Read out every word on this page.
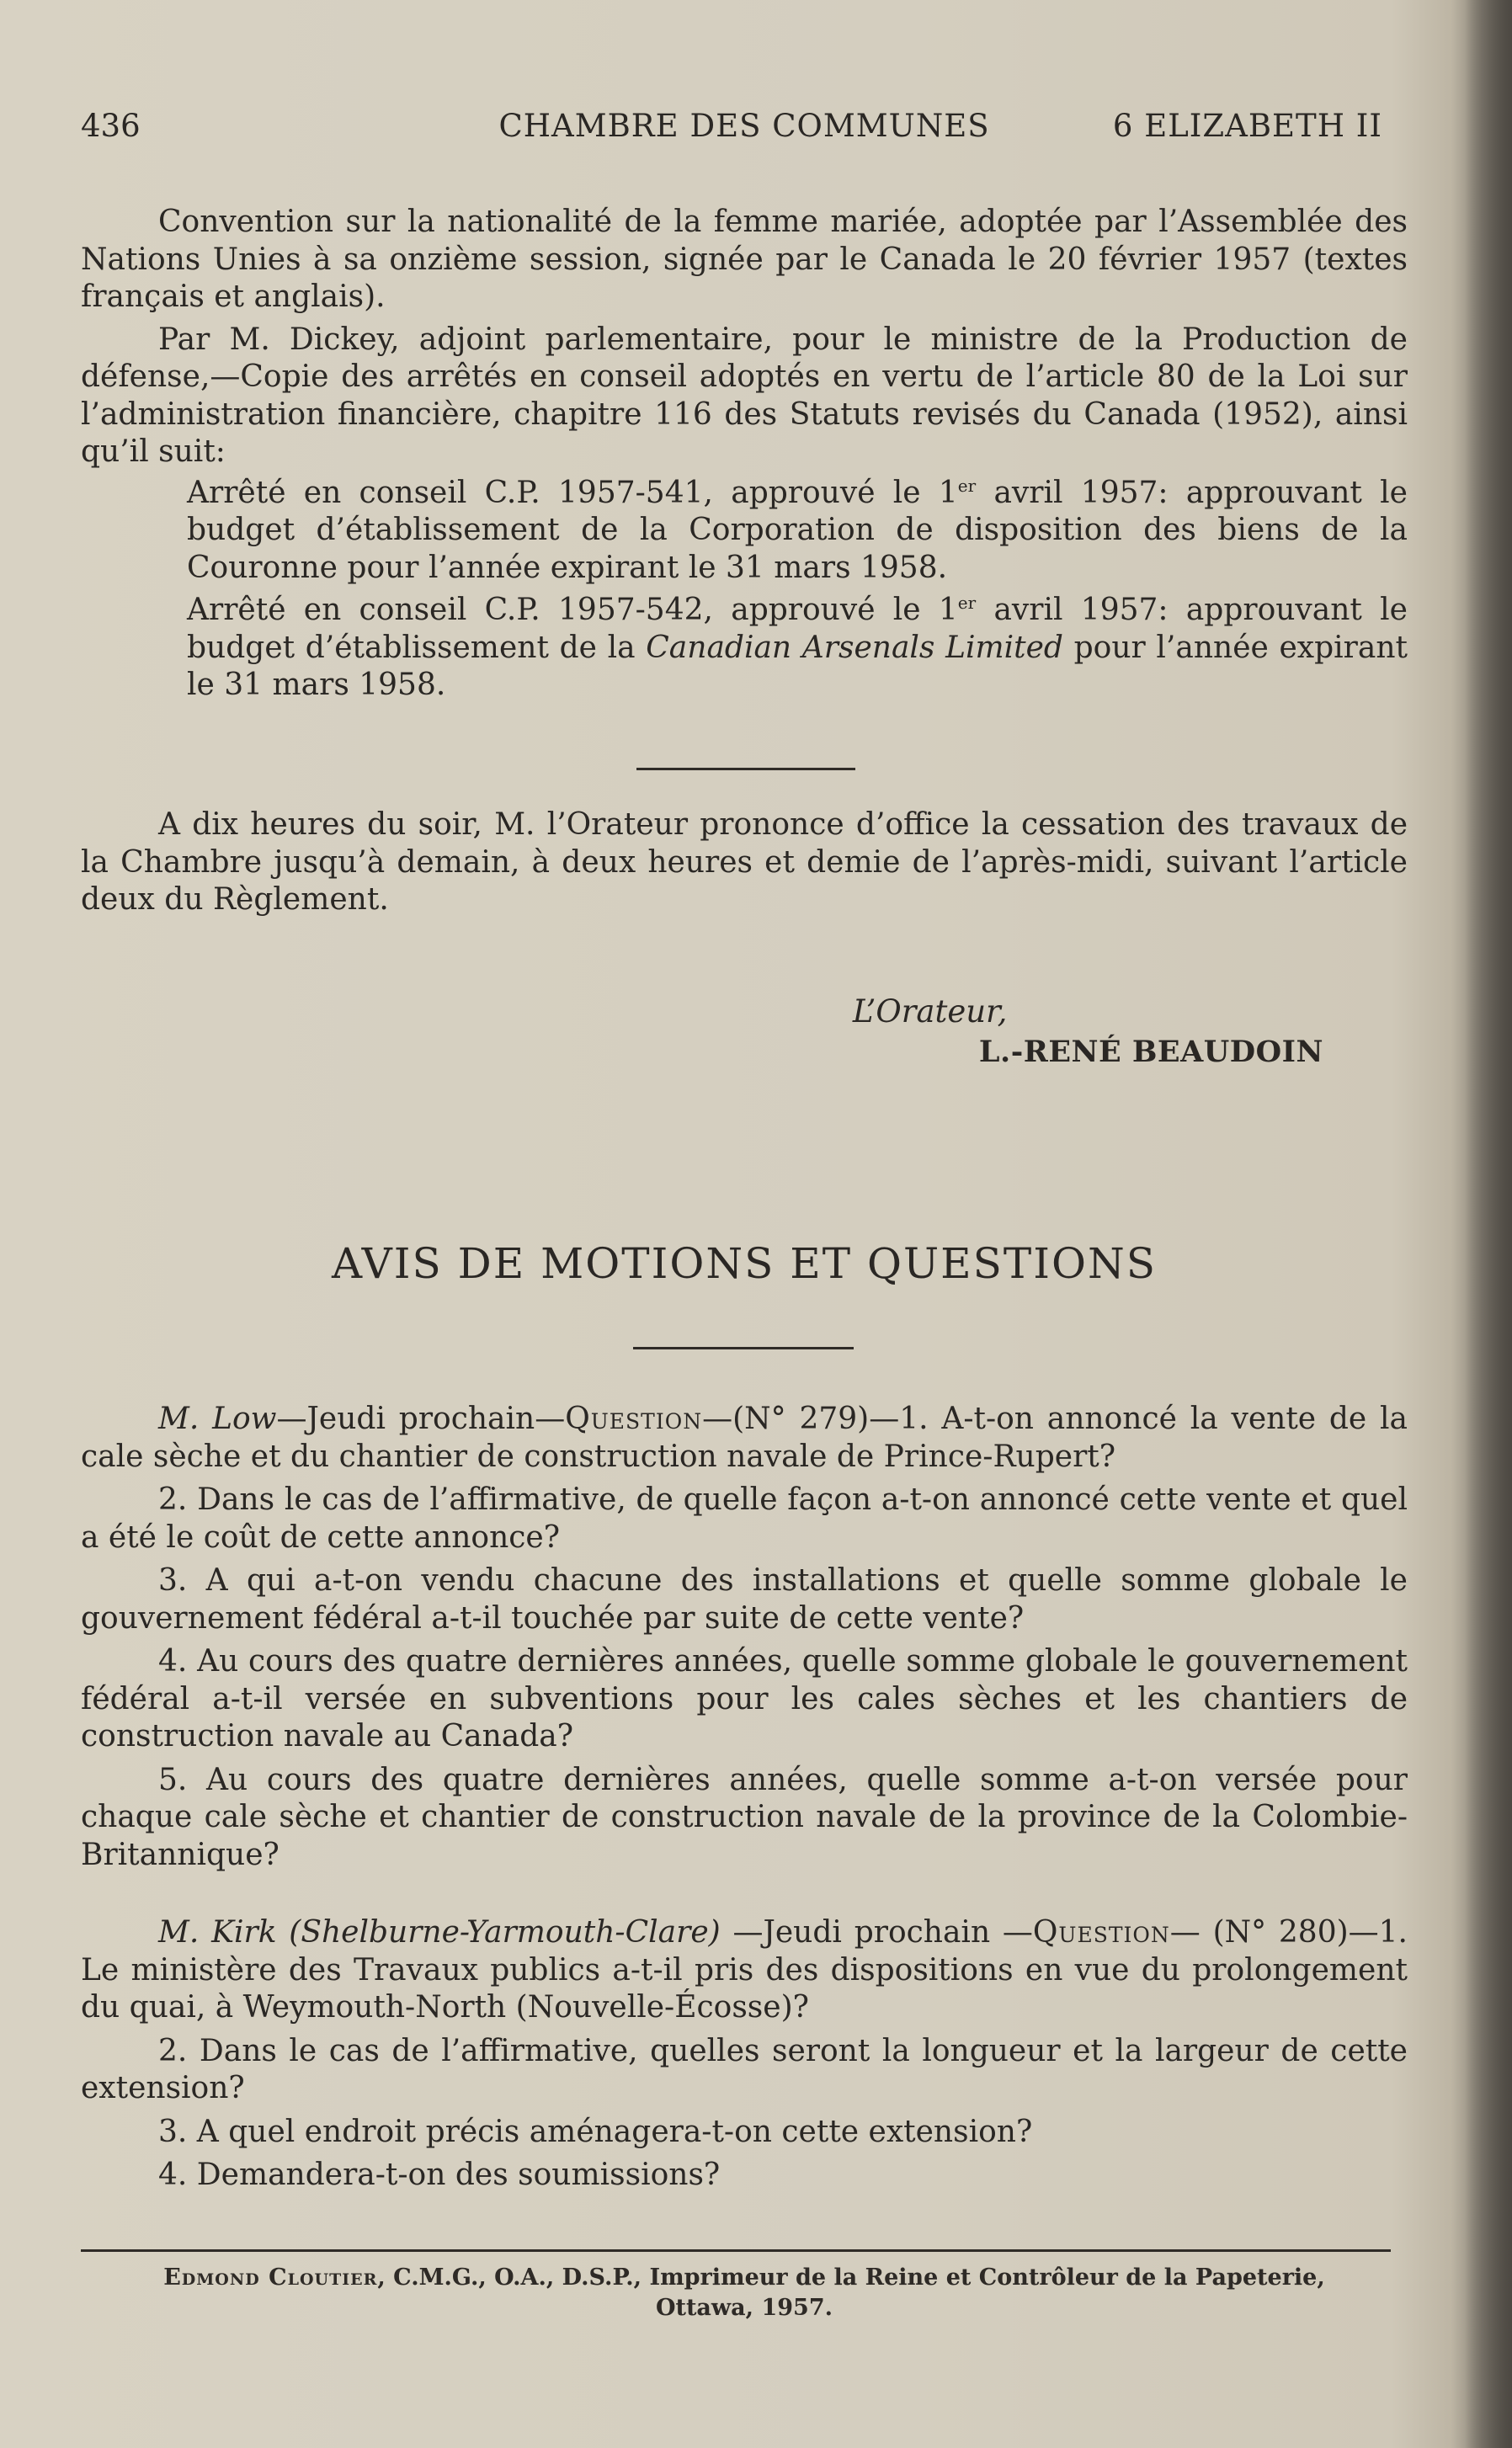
436	CHAMBRE DES COMMUNES	6 ELIZABETH II

Convention sur la nationalité de la femme mariée, adoptée par l’Assemblée des Nations Unies à sa onzième session, signée par le Canada le 20 février 1957 (textes français et anglais).

Par M. Dickey, adjoint parlementaire, pour le ministre de la Production de défense,—Copie des arrêtés en conseil adoptés en vertu de l’article 80 de la Loi sur l’administration financière, chapitre 116 des Statuts revisés du Canada (1952), ainsi qu’il suit:

Arrêté en conseil C.P. 1957-541, approuvé le 1er avril 1957: approuvant le budget d’établissement de la Corporation de disposition des biens de la Couronne pour l’année expirant le 31 mars 1958.

Arrêté en conseil C.P. 1957-542, approuvé le 1er avril 1957: approuvant le budget d’établissement de la Canadian Arsenals Limited pour l’année expirant le 31 mars 1958.

A dix heures du soir, M. l’Orateur prononce d’office la cessation des travaux de la Chambre jusqu’à demain, à deux heures et demie de l’après-midi, suivant l’article deux du Règlement.

L’Orateur,
L.-RENÉ BEAUDOIN
AVIS DE MOTIONS ET QUESTIONS

M. Low—Jeudi prochain—Question—(N° 279)—1. A-t-on annoncé la vente de la cale sèche et du chantier de construction navale de Prince-Rupert?

2. Dans le cas de l’affirmative, de quelle façon a-t-on annoncé cette vente et quel a été le coût de cette annonce?

3. A qui a-t-on vendu chacune des installations et quelle somme globale le gouvernement fédéral a-t-il touchée par suite de cette vente?

4. Au cours des quatre dernières années, quelle somme globale le gouvernement fédéral a-t-il versée en subventions pour les cales sèches et les chantiers de construction navale au Canada?

5. Au cours des quatre dernières années, quelle somme a-t-on versée pour chaque cale sèche et chantier de construction navale de la province de la Colombie-Britannique?

M. Kirk (Shelburne-Yarmouth-Clare) —Jeudi prochain —Question— (N° 280)—1. Le ministère des Travaux publics a-t-il pris des dispositions en vue du prolongement du quai, à Weymouth-North (Nouvelle-Écosse)?

2. Dans le cas de l’affirmative, quelles seront la longueur et la largeur de cette extension?

3. A quel endroit précis aménagera-t-on cette extension?

4. Demandera-t-on des soumissions?

Edmond Cloutier, C.M.G., O.A., D.S.P., Imprimeur de la Reine et Contrôleur de la Papeterie,
Ottawa, 1957.
